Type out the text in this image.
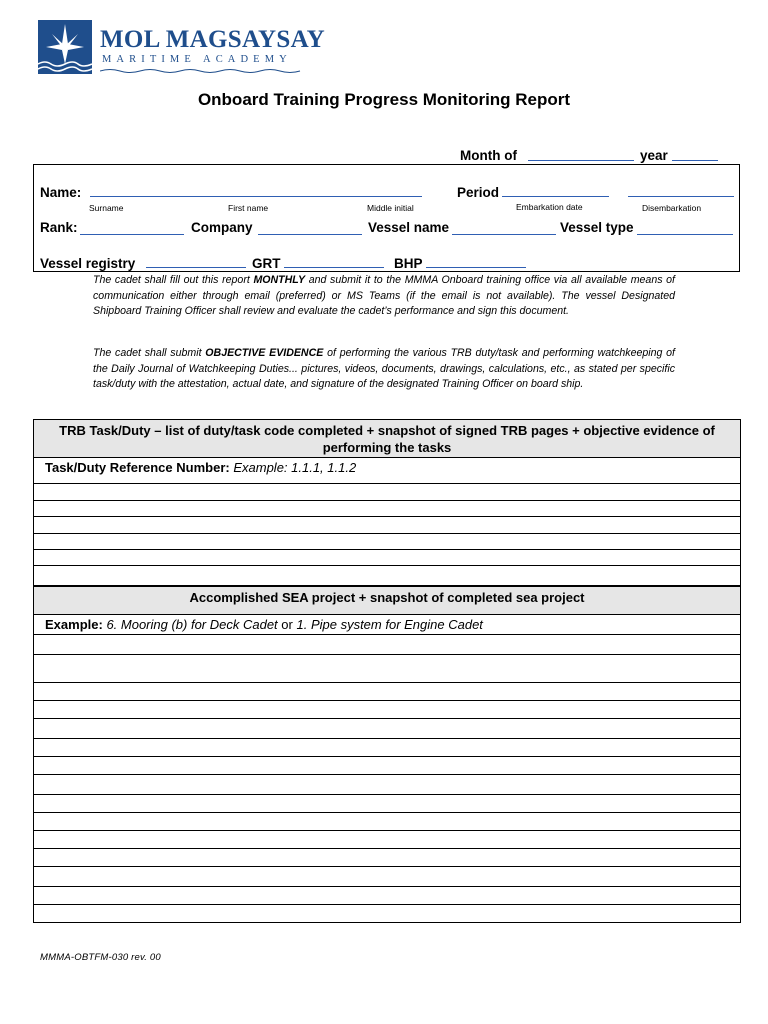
MOL MAGSAYSAY
MARITIME ACADEMY
Onboard Training Progress Monitoring Report
Month of	year
Name:
Surname	First name	Middle initial
Period
Embarkation date	Disembarkation
Rank:	Company	Vessel name	Vessel type
Vessel registry	GRT	BHP
The cadet shall fill out this report MONTHLY and submit it to the MMMA Onboard training office via all available means of communication either through email (preferred) or MS Teams (if the email is not available). The vessel Designated Shipboard Training Officer shall review and evaluate the cadet’s performance and sign this document.
The cadet shall submit OBJECTIVE EVIDENCE of performing the various TRB duty/task and performing watchkeeping of the Daily Journal of Watchkeeping Duties... pictures, videos, documents, drawings, calculations, etc., as stated per specific task/duty with the attestation, actual date, and signature of the designated Training Officer on board ship.
TRB Task/Duty – list of duty/task code completed + snapshot of signed TRB pages + objective evidence of performing the tasks
Task/Duty Reference Number: Example: 1.1.1, 1.1.2
Accomplished SEA project + snapshot of completed sea project
Example: 6. Mooring (b) for Deck Cadet or 1. Pipe system for Engine Cadet
MMMA-OBTFM-030 rev. 00
